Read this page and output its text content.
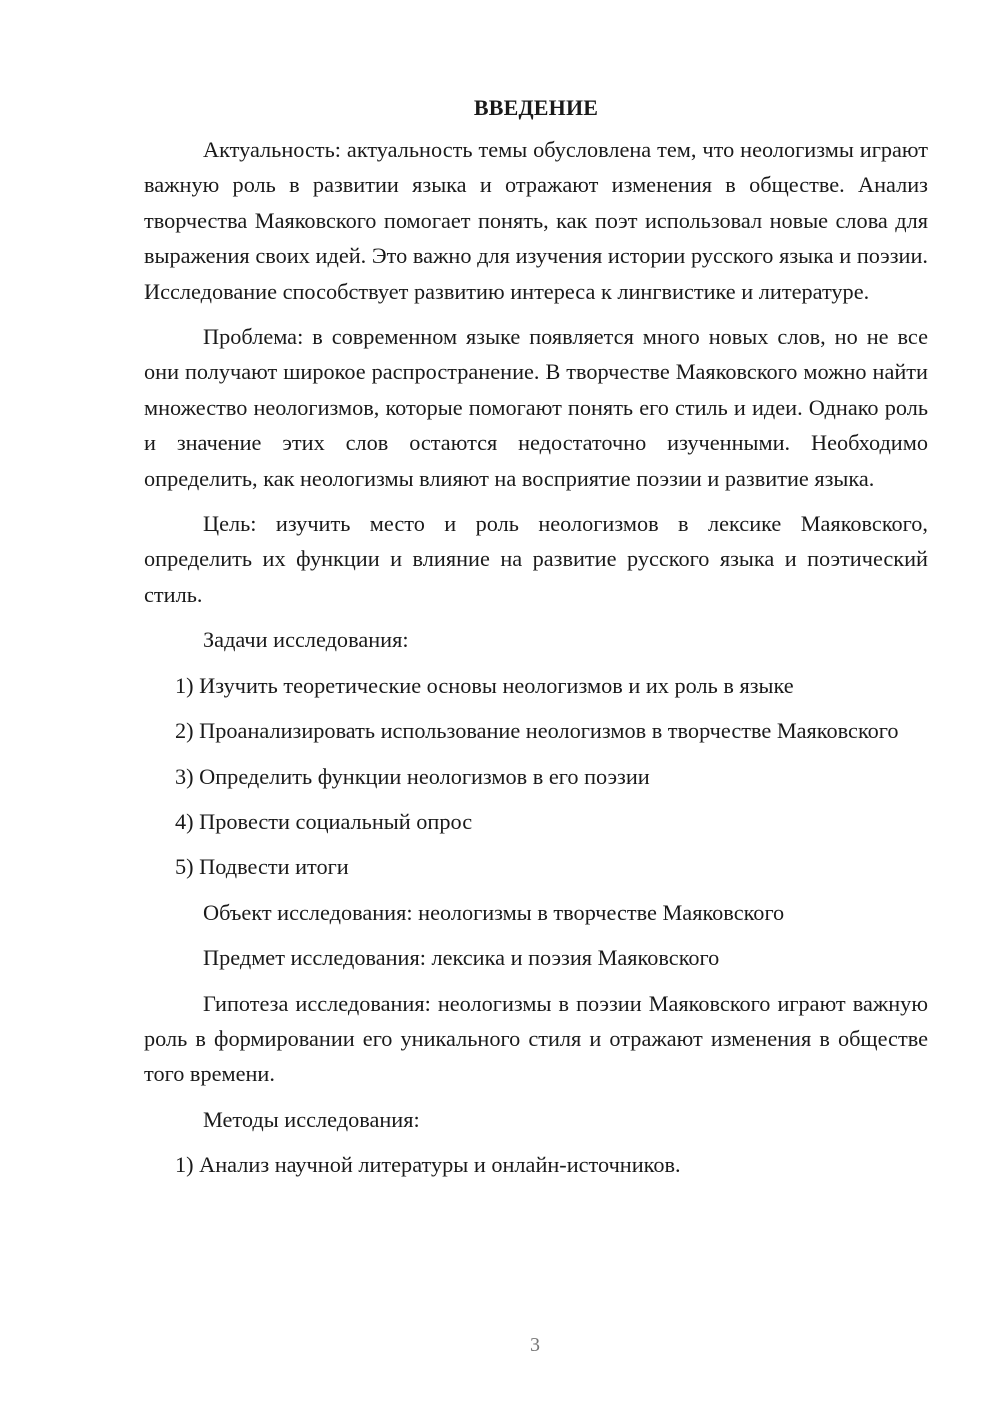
ВВЕДЕНИЕ

Актуальность: актуальность темы обусловлена тем, что неологизмы играют важную роль в развитии языка и отражают изменения в обществе. Анализ творчества Маяковского помогает понять, как поэт использовал новые слова для выражения своих идей. Это важно для изучения истории русского языка и поэзии. Исследование способствует развитию интереса к лингвистике и литературе.

Проблема: в современном языке появляется много новых слов, но не все они получают широкое распространение. В творчестве Маяковского можно найти множество неологизмов, которые помогают понять его стиль и идеи. Однако роль и значение этих слов остаются недостаточно изученными. Необходимо определить, как неологизмы влияют на восприятие поэзии и развитие языка.

Цель: изучить место и роль неологизмов в лексике Маяковского, определить их функции и влияние на развитие русского языка и поэтический стиль.

Задачи исследования:

1) Изучить теоретические основы неологизмов и их роль в языке

2) Проанализировать использование неологизмов в творчестве Маяковского

3) Определить функции неологизмов в его поэзии

4) Провести социальный опрос

5) Подвести итоги

Объект исследования: неологизмы в творчестве Маяковского

Предмет исследования: лексика и поэзия Маяковского

Гипотеза исследования: неологизмы в поэзии Маяковского играют важную роль в формировании его уникального стиля и отражают изменения в обществе того времени.

Методы исследования:

1) Анализ научной литературы и онлайн-источников.

3
